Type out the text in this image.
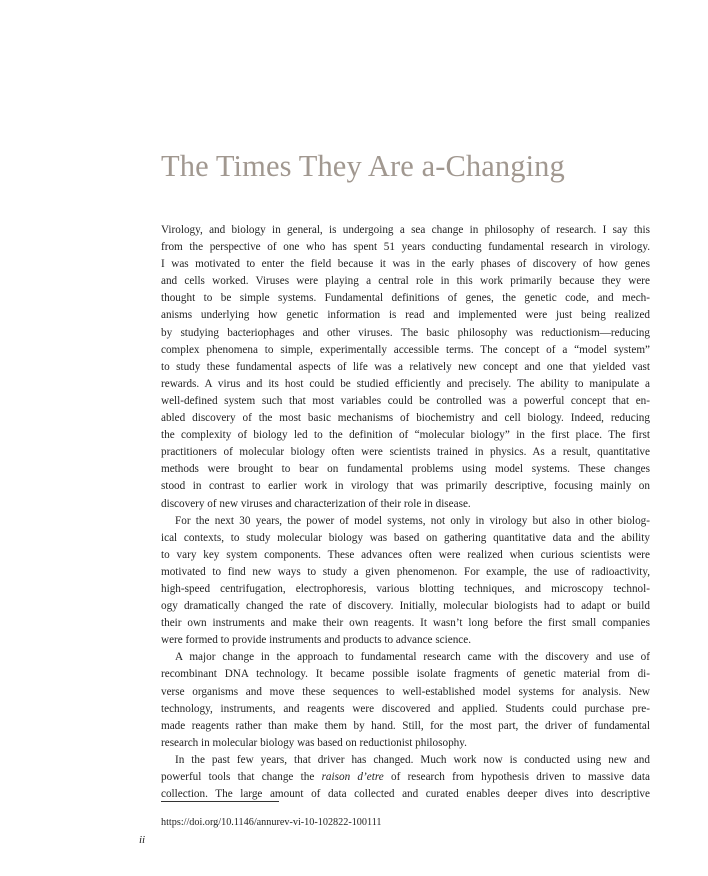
The Times They Are a-Changing

Virology, and biology in general, is undergoing a sea change in philosophy of research. I say this
from the perspective of one who has spent 51 years conducting fundamental research in virology.
I was motivated to enter the field because it was in the early phases of discovery of how genes
and cells worked. Viruses were playing a central role in this work primarily because they were
thought to be simple systems. Fundamental definitions of genes, the genetic code, and mech-
anisms underlying how genetic information is read and implemented were just being realized
by studying bacteriophages and other viruses. The basic philosophy was reductionism—reducing
complex phenomena to simple, experimentally accessible terms. The concept of a “model system”
to study these fundamental aspects of life was a relatively new concept and one that yielded vast
rewards. A virus and its host could be studied efficiently and precisely. The ability to manipulate a
well-defined system such that most variables could be controlled was a powerful concept that en-
abled discovery of the most basic mechanisms of biochemistry and cell biology. Indeed, reducing
the complexity of biology led to the definition of “molecular biology” in the first place. The first
practitioners of molecular biology often were scientists trained in physics. As a result, quantitative
methods were brought to bear on fundamental problems using model systems. These changes
stood in contrast to earlier work in virology that was primarily descriptive, focusing mainly on
discovery of new viruses and characterization of their role in disease.

For the next 30 years, the power of model systems, not only in virology but also in other biolog-
ical contexts, to study molecular biology was based on gathering quantitative data and the ability
to vary key system components. These advances often were realized when curious scientists were
motivated to find new ways to study a given phenomenon. For example, the use of radioactivity,
high-speed centrifugation, electrophoresis, various blotting techniques, and microscopy technol-
ogy dramatically changed the rate of discovery. Initially, molecular biologists had to adapt or build
their own instruments and make their own reagents. It wasn’t long before the first small companies
were formed to provide instruments and products to advance science.

A major change in the approach to fundamental research came with the discovery and use of
recombinant DNA technology. It became possible isolate fragments of genetic material from di-
verse organisms and move these sequences to well-established model systems for analysis. New
technology, instruments, and reagents were discovered and applied. Students could purchase pre-
made reagents rather than make them by hand. Still, for the most part, the driver of fundamental
research in molecular biology was based on reductionist philosophy.

In the past few years, that driver has changed. Much work now is conducted using new and
powerful tools that change the raison d’etre of research from hypothesis driven to massive data
collection. The large amount of data collected and curated enables deeper dives into descriptive

https://doi.org/10.1146/annurev-vi-10-102822-100111
ii
